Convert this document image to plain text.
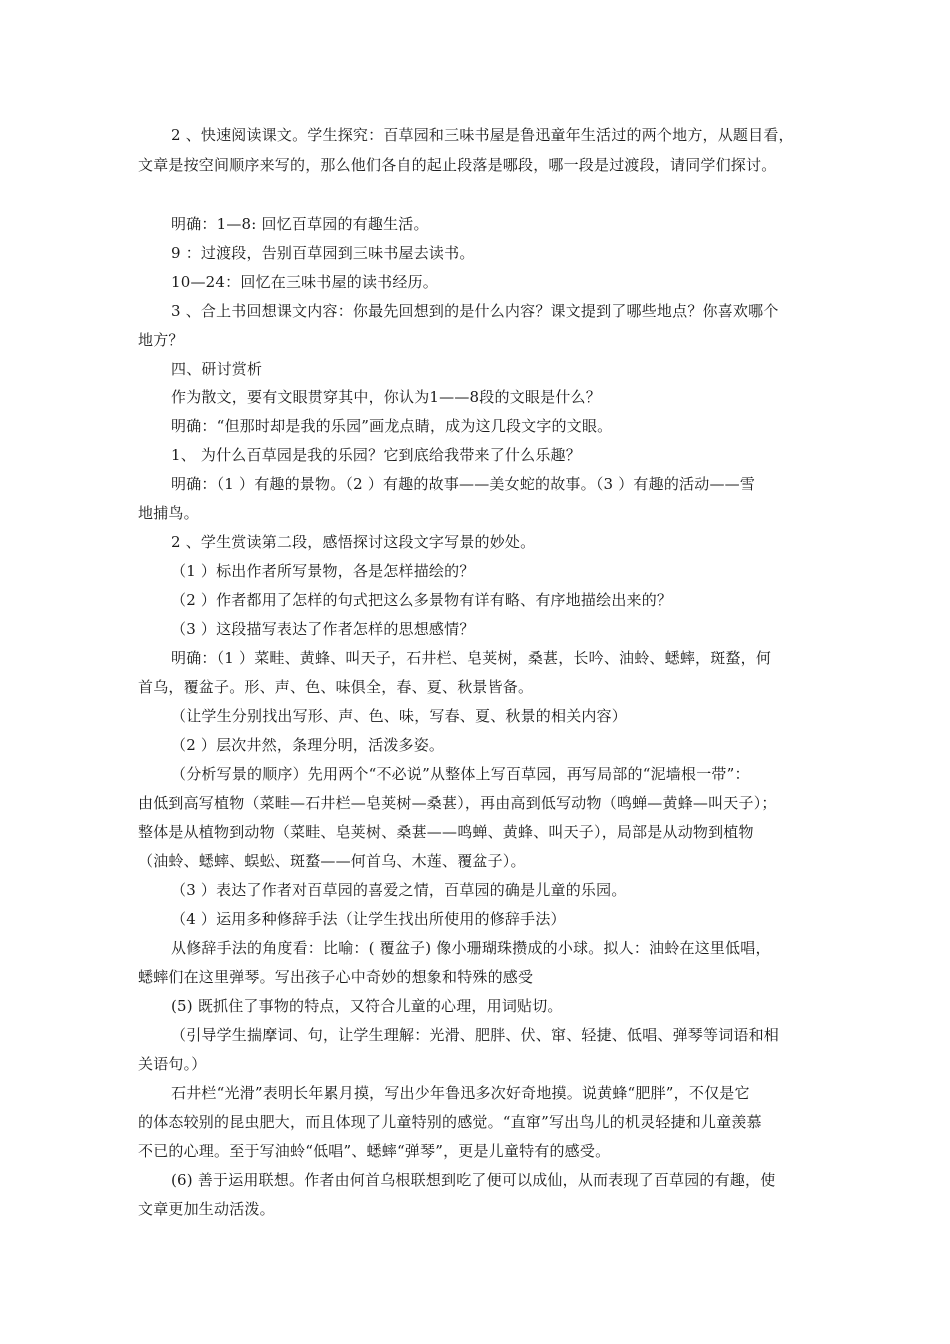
2 、快速阅读课文。学生探究：百草园和三味书屋是鲁迅童年生活过的两个地方，从题目看，
文章是按空间顺序来写的，那么他们各自的起止段落是哪段，哪一段是过渡段，请同学们探讨。
明确：1—8: 回忆百草园的有趣生活。
9 ：过渡段，告别百草园到三味书屋去读书。
10—24：回忆在三味书屋的读书经历。
3 、合上书回想课文内容：你最先回想到的是什么内容？课文提到了哪些地点？你喜欢哪个
地方？
四、研讨赏析
作为散文，要有文眼贯穿其中，你认为1——8段的文眼是什么？
明确：“但那时却是我的乐园”画龙点睛，成为这几段文字的文眼。
1、 为什么百草园是我的乐园？它到底给我带来了什么乐趣？
明确：（1 ）有趣的景物。（2 ）有趣的故事——美女蛇的故事。（3 ）有趣的活动——雪
地捕鸟。
2 、学生赏读第二段，感悟探讨这段文字写景的妙处。
（1 ）标出作者所写景物，各是怎样描绘的？
（2 ）作者都用了怎样的句式把这么多景物有详有略、有序地描绘出来的？
（3 ）这段描写表达了作者怎样的思想感情？
明确：（1 ）菜畦、黄蜂、叫天子，石井栏、皂荚树，桑葚，长吟、油蛉、蟋蟀，斑蝥，何
首乌，覆盆子。形、声、色、味俱全，春、夏、秋景皆备。
（让学生分别找出写形、声、色、味，写春、夏、秋景的相关内容）
（2 ）层次井然，条理分明，活泼多姿。
（分析写景的顺序）先用两个“不必说”从整体上写百草园，再写局部的“泥墙根一带”：
由低到高写植物（菜畦—石井栏—皂荚树—桑葚），再由高到低写动物（鸣蝉—黄蜂—叫天子）；
整体是从植物到动物（菜畦、皂荚树、桑葚——鸣蝉、黄蜂、叫天子），局部是从动物到植物
（油蛉、蟋蟀、蜈蚣、斑蝥——何首乌、木莲、覆盆子）。
（3 ）表达了作者对百草园的喜爱之情，百草园的确是儿童的乐园。
（4 ）运用多种修辞手法（让学生找出所使用的修辞手法）
从修辞手法的角度看：比喻：( 覆盆子) 像小珊瑚珠攒成的小球。拟人：油蛉在这里低唱，
蟋蟀们在这里弹琴。写出孩子心中奇妙的想象和特殊的感受
(5) 既抓住了事物的特点，又符合儿童的心理，用词贴切。
（引导学生揣摩词、句，让学生理解：光滑、肥胖、伏、窜、轻捷、低唱、弹琴等词语和相
关语句。）
石井栏“光滑”表明长年累月摸，写出少年鲁迅多次好奇地摸。说黄蜂“肥胖”，不仅是它
的体态较别的昆虫肥大，而且体现了儿童特别的感觉。“直窜”写出鸟儿的机灵轻捷和儿童羡慕
不已的心理。至于写油蛉“低唱”、蟋蟀“弹琴”，更是儿童特有的感受。
(6) 善于运用联想。作者由何首乌根联想到吃了便可以成仙，从而表现了百草园的有趣，使
文章更加生动活泼。
